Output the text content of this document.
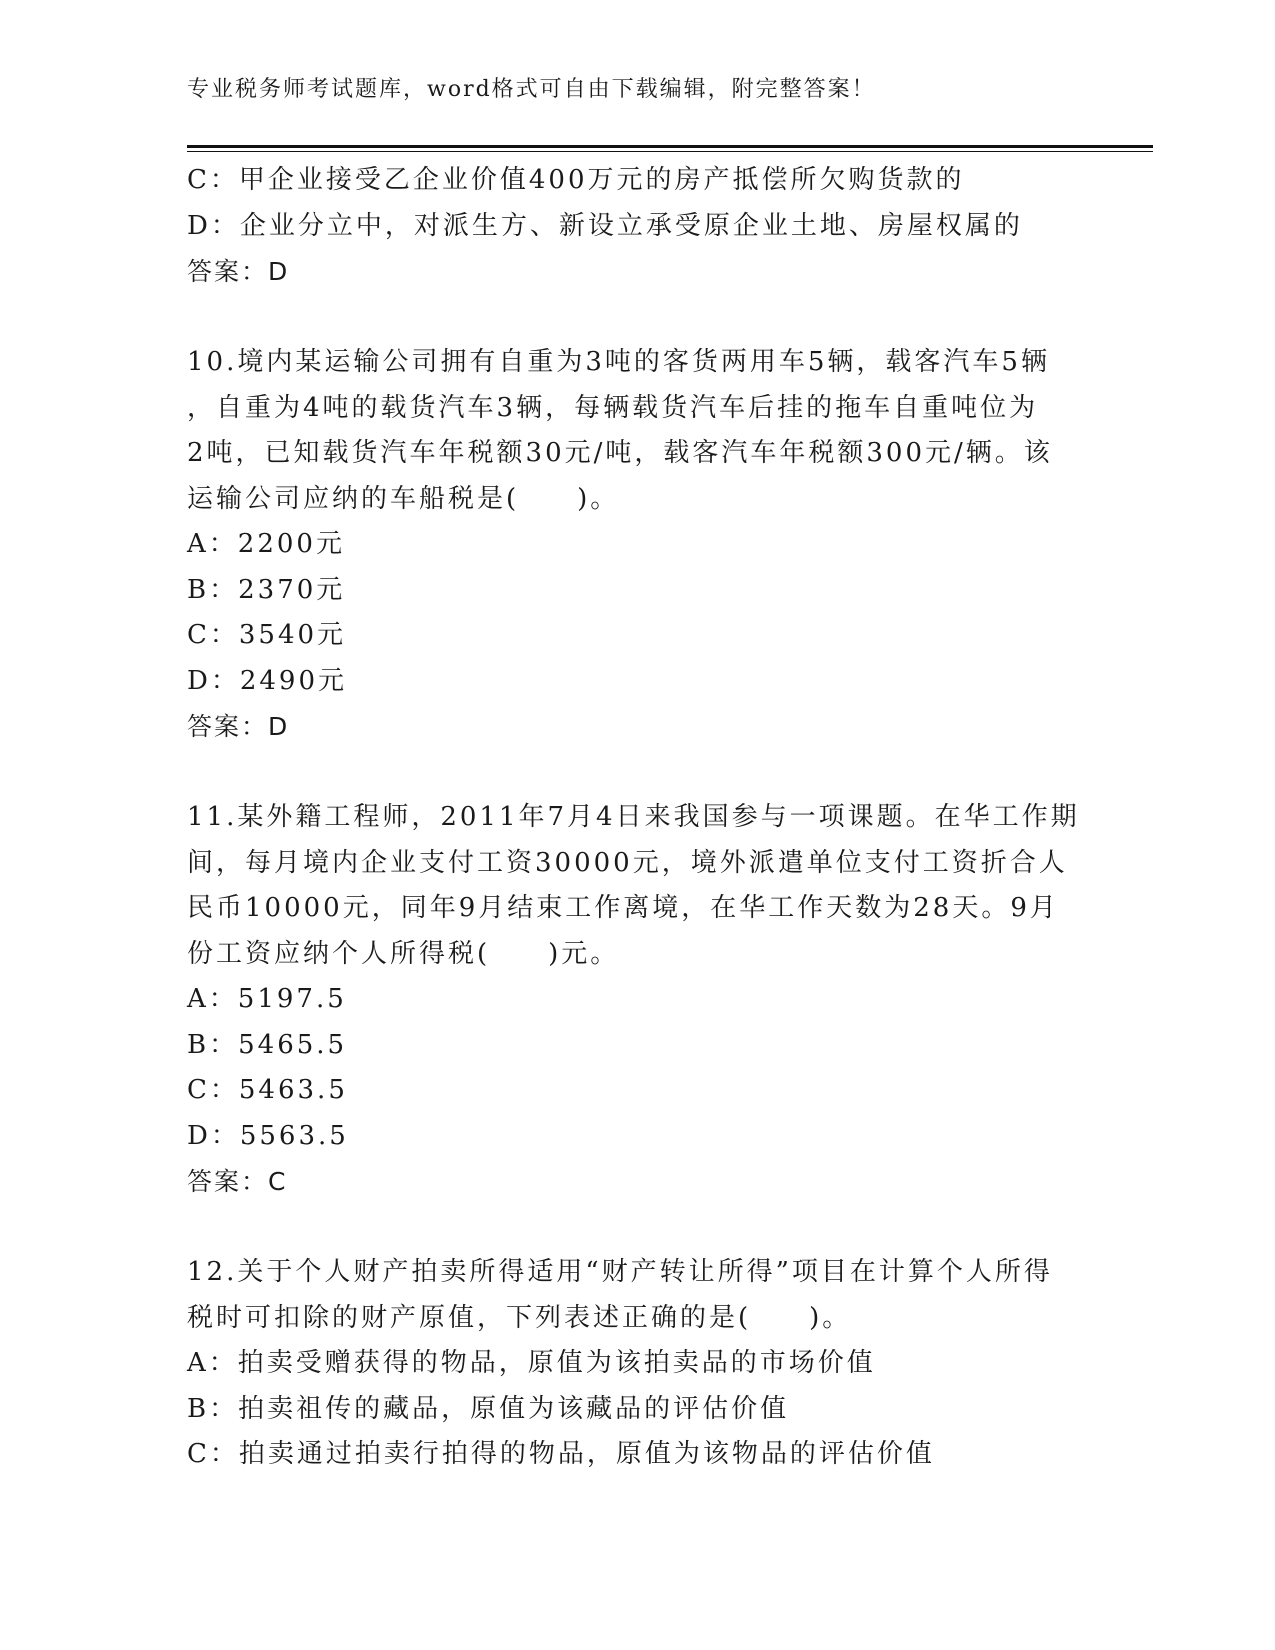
专业税务师考试题库，word格式可自由下载编辑，附完整答案！
C：甲企业接受乙企业价值400万元的房产抵偿所欠购货款的
D：企业分立中，对派生方、新设立承受原企业土地、房屋权属的
答案：D
10.境内某运输公司拥有自重为3吨的客货两用车5辆，载客汽车5辆
，自重为4吨的载货汽车3辆，每辆载货汽车后挂的拖车自重吨位为
2吨，已知载货汽车年税额30元/吨，载客汽车年税额300元/辆。该
运输公司应纳的车船税是(　　)。
A：2200元
B：2370元
C：3540元
D：2490元
答案：D
11.某外籍工程师，2011年7月4日来我国参与一项课题。在华工作期
间，每月境内企业支付工资30000元，境外派遣单位支付工资折合人
民币10000元，同年9月结束工作离境，在华工作天数为28天。9月
份工资应纳个人所得税(　　)元。
A：5197.5
B：5465.5
C：5463.5
D：5563.5
答案：C
12.关于个人财产拍卖所得适用“财产转让所得”项目在计算个人所得
税时可扣除的财产原值，下列表述正确的是(　　)。
A：拍卖受赠获得的物品，原值为该拍卖品的市场价值
B：拍卖祖传的藏品，原值为该藏品的评估价值
C：拍卖通过拍卖行拍得的物品，原值为该物品的评估价值
